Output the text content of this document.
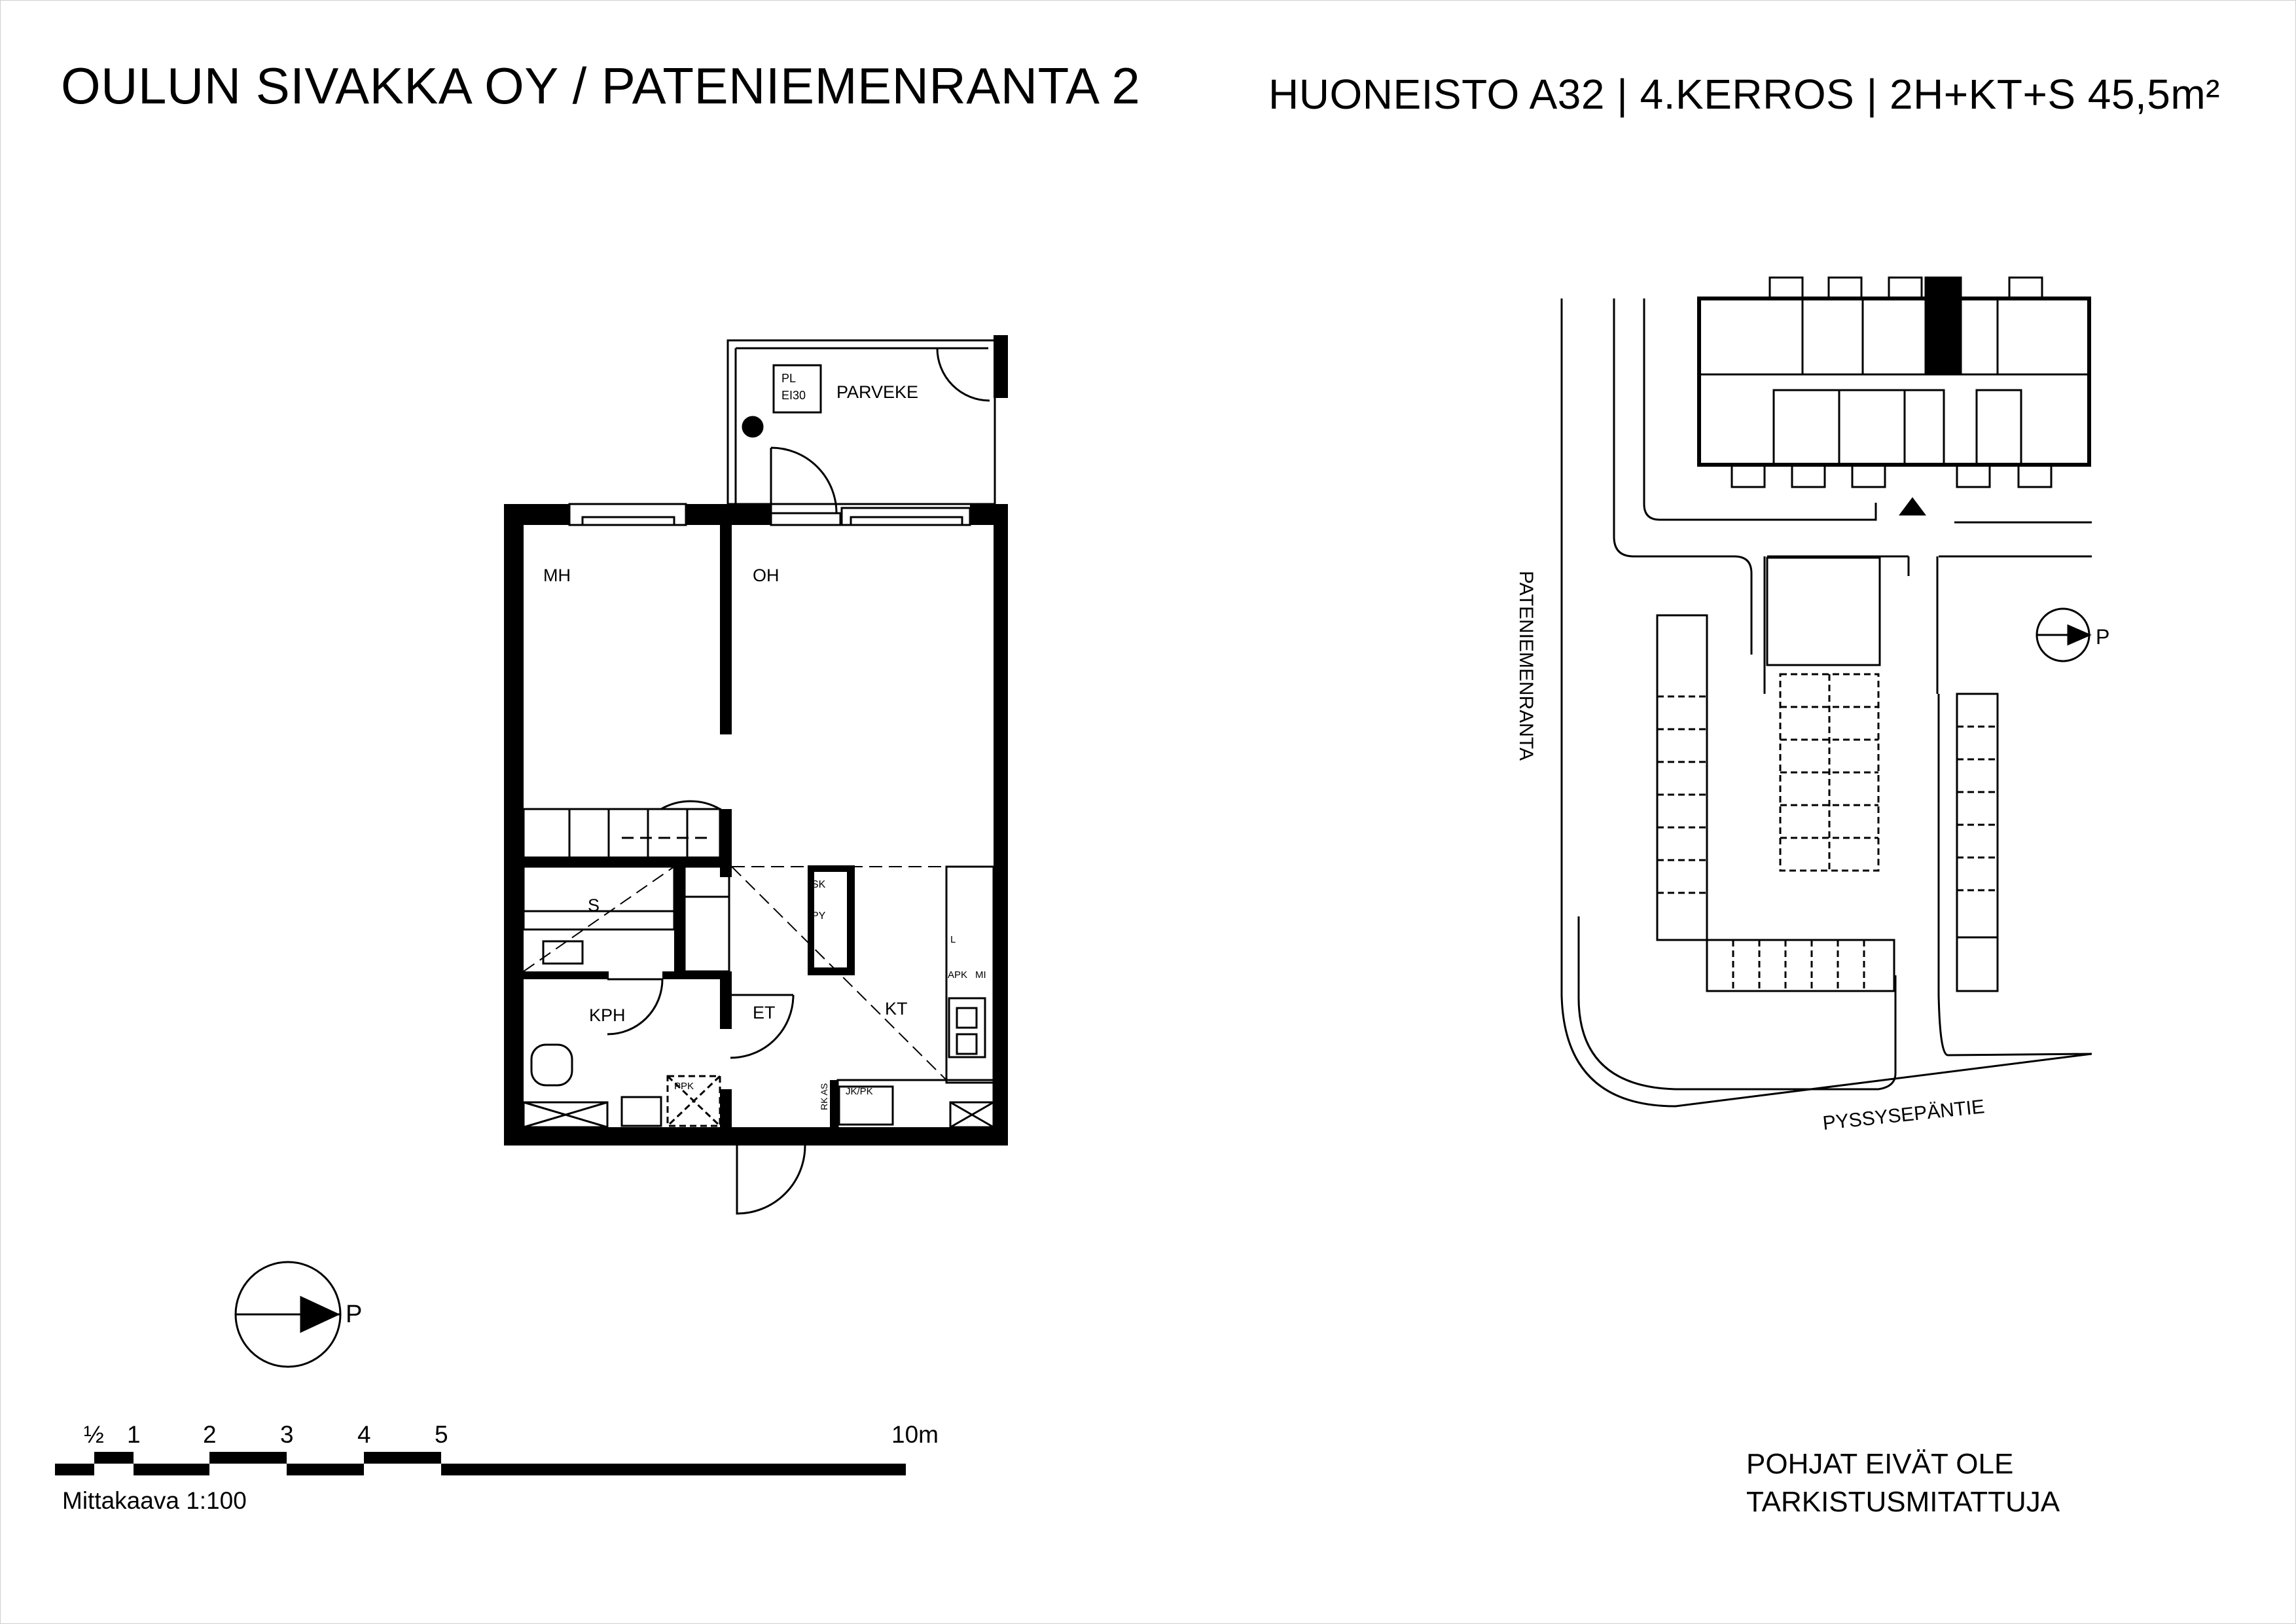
OULUN SIVAKKA OY / PATENIEMENRANTA 2	HUONEISTO A32 | 4.KERROS | 2H+KT+S 45,5m²
PARVEKE
PL
EI30
MH	OH
S
KPH	ET	KT
SK
PY
PPK
APK MI
L
JK/PK
RK AS
P
P
½ 1	2	3	4	5	10m
PATENIEMENRANTA
PYSSYSEPÄNTIE
Mittakaava 1:100
POHJAT EIVÄT OLE
TARKISTUSMITATTUJA
